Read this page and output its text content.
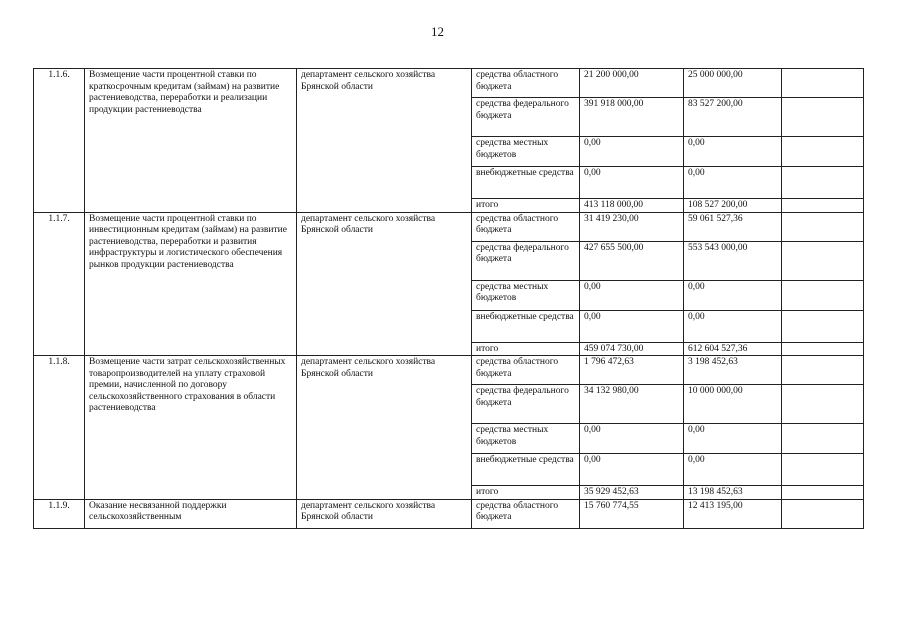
12
1.1.6.	Возмещение части процентной ставки по краткосрочным кредитам (займам) на развитие растениеводства, переработки и реализации продукции растениеводства	департамент сельского хозяйства Брянской области	средства областного бюджета	21 200 000,00	25 000 000,00	
			средства федерального бюджета	391 918 000,00	83 527 200,00	
			средства местных бюджетов	0,00	0,00	
			внебюджетные средства	0,00	0,00	
			итого	413 118 000,00	108 527 200,00	
1.1.7.	Возмещение части процентной ставки по инвестиционным кредитам (займам) на развитие растениеводства, переработки и развития инфраструктуры и логистического обеспечения рынков продукции растениеводства	департамент сельского хозяйства Брянской области	средства областного бюджета	31 419 230,00	59 061 527,36	
			средства федерального бюджета	427 655 500,00	553 543 000,00	
			средства местных бюджетов	0,00	0,00	
			внебюджетные средства	0,00	0,00	
			итого	459 074 730,00	612 604 527,36	
1.1.8.	Возмещение части затрат сельскохозяйственных товаропроизводителей на уплату страховой премии, начисленной по договору сельскохозяйственного страхования в области растениеводства	департамент сельского хозяйства Брянской области	средства областного бюджета	1 796 472,63	3 198 452,63	
			средства федерального бюджета	34 132 980,00	10 000 000,00	
			средства местных бюджетов	0,00	0,00	
			внебюджетные средства	0,00	0,00	
			итого	35 929 452,63	13 198 452,63	
1.1.9.	Оказание несвязанной поддержки сельскохозяйственным	департамент сельского хозяйства Брянской области	средства областного бюджета	15 760 774,55	12 413 195,00	
